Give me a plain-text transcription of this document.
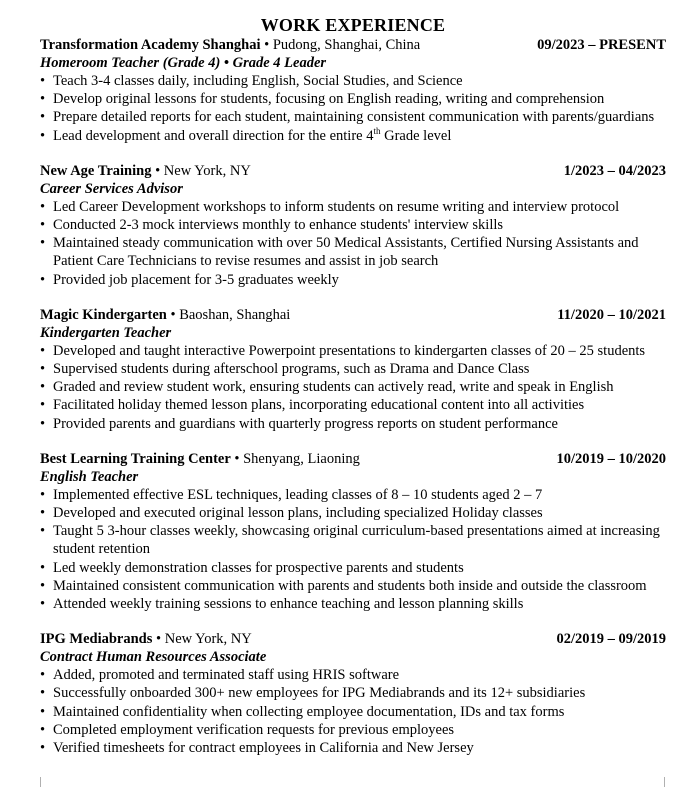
WORK EXPERIENCE
Transformation Academy Shanghai • Pudong, Shanghai, China	09/2023 – PRESENT
Homeroom Teacher (Grade 4) • Grade 4 Leader
• Teach 3-4 classes daily, including English, Social Studies, and Science
• Develop original lessons for students, focusing on English reading, writing and comprehension
• Prepare detailed reports for each student, maintaining consistent communication with parents/guardians
• Lead development and overall direction for the entire 4th Grade level
New Age Training • New York, NY	1/2023 – 04/2023
Career Services Advisor
• Led Career Development workshops to inform students on resume writing and interview protocol
• Conducted 2-3 mock interviews monthly to enhance students' interview skills
• Maintained steady communication with over 50 Medical Assistants, Certified Nursing Assistants and Patient Care Technicians to revise resumes and assist in job search
• Provided job placement for 3-5 graduates weekly
Magic Kindergarten • Baoshan, Shanghai	11/2020 – 10/2021
Kindergarten Teacher
• Developed and taught interactive Powerpoint presentations to kindergarten classes of 20 – 25 students
• Supervised students during afterschool programs, such as Drama and Dance Class
• Graded and review student work, ensuring students can actively read, write and speak in English
• Facilitated holiday themed lesson plans, incorporating educational content into all activities
• Provided parents and guardians with quarterly progress reports on student performance
Best Learning Training Center • Shenyang, Liaoning	10/2019 – 10/2020
English Teacher
• Implemented effective ESL techniques, leading classes of 8 – 10 students aged 2 – 7
• Developed and executed original lesson plans, including specialized Holiday classes
• Taught 5 3-hour classes weekly, showcasing original curriculum-based presentations aimed at increasing student retention
• Led weekly demonstration classes for prospective parents and students
• Maintained consistent communication with parents and students both inside and outside the classroom
• Attended weekly training sessions to enhance teaching and lesson planning skills
IPG Mediabrands • New York, NY	02/2019 – 09/2019
Contract Human Resources Associate
• Added, promoted and terminated staff using HRIS software
• Successfully onboarded 300+ new employees for IPG Mediabrands and its 12+ subsidiaries
• Maintained confidentiality when collecting employee documentation, IDs and tax forms
• Completed employment verification requests for previous employees
• Verified timesheets for contract employees in California and New Jersey
